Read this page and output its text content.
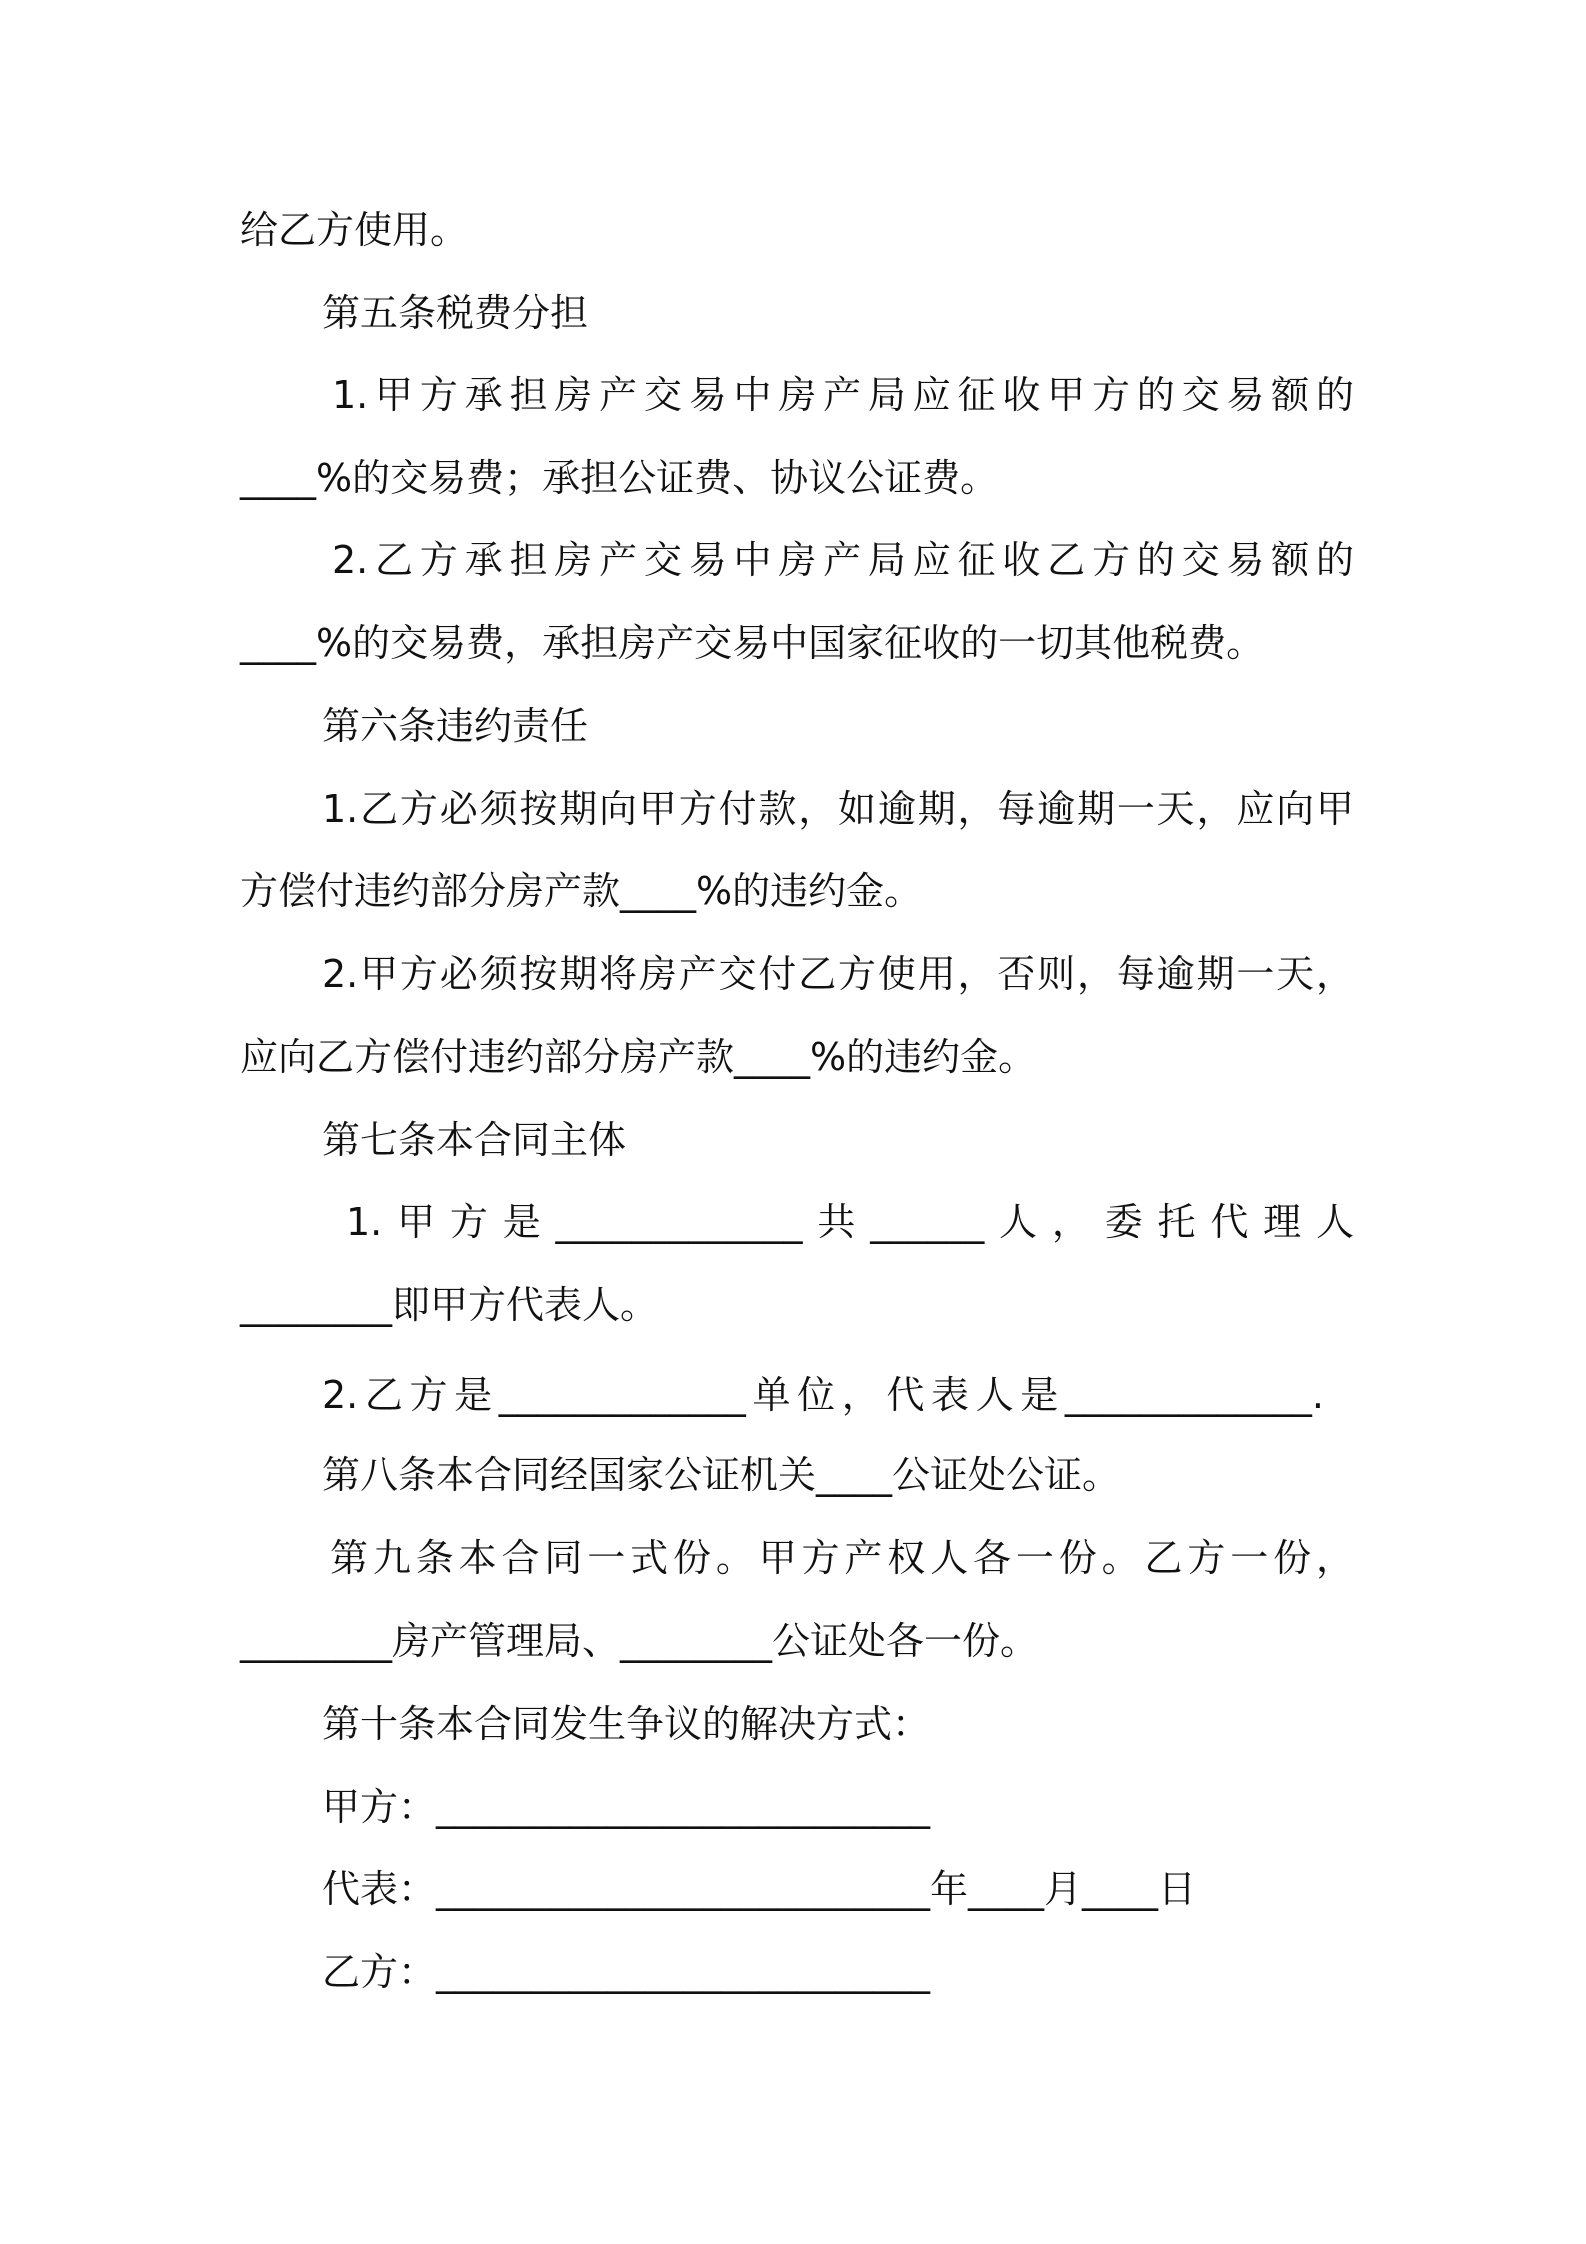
给乙方使用。

第五条税费分担

1.甲方承担房产交易中房产局应征收甲方的交易额的

____%的交易费；承担公证费、协议公证费。

2.乙方承担房产交易中房产局应征收乙方的交易额的

____%的交易费，承担房产交易中国家征收的一切其他税费。

第六条违约责任

1.乙方必须按期向甲方付款，如逾期，每逾期一天，应向甲

方偿付违约部分房产款____%的违约金。

2.甲方必须按期将房产交付乙方使用，否则，每逾期一天，

应向乙方偿付违约部分房产款____%的违约金。

第七条本合同主体

1.甲方是_____________共______人，委托代理人

________即甲方代表人。

2.乙方是_____________单位，代表人是_____________.

第八条本合同经国家公证机关____公证处公证。

第九条本合同一式份。甲方产权人各一份。乙方一份，

________房产管理局、________公证处各一份。

第十条本合同发生争议的解决方式：

甲方：__________________________

代表：__________________________年____月____日

乙方：__________________________
